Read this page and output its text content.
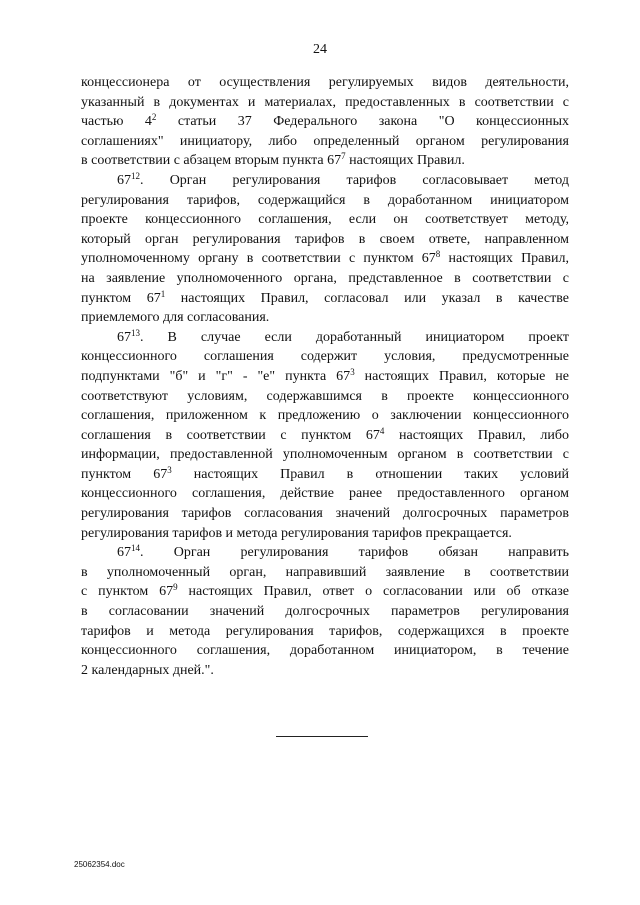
24
концессионера от осуществления регулируемых видов деятельности,
указанный в документах и материалах, предоставленных в соответствии с
частью $4^2$ статьи 37 Федерального закона "О концессионных
соглашениях" инициатору, либо определенный органом регулирования
в соответствии с абзацем вторым пункта $67^7$ настоящих Правил.
$67^{12}$. Орган регулирования тарифов согласовывает метод
регулирования тарифов, содержащийся в доработанном инициатором
проекте концессионного соглашения, если он соответствует методу,
который орган регулирования тарифов в своем ответе, направленном
уполномоченному органу в соответствии с пунктом $67^8$ настоящих Правил,
на заявление уполномоченного органа, представленное в соответствии с
пунктом $67^1$ настоящих Правил, согласовал или указал в качестве
приемлемого для согласования.
$67^{13}$. В случае если доработанный инициатором проект
концессионного соглашения содержит условия, предусмотренные
подпунктами "б" и "г" - "е" пункта $67^3$ настоящих Правил, которые не
соответствуют условиям, содержавшимся в проекте концессионного
соглашения, приложенном к предложению о заключении концессионного
соглашения в соответствии с пунктом $67^4$ настоящих Правил, либо
информации, предоставленной уполномоченным органом в соответствии с
пунктом $67^3$ настоящих Правил в отношении таких условий
концессионного соглашения, действие ранее предоставленного органом
регулирования тарифов согласования значений долгосрочных параметров
регулирования тарифов и метода регулирования тарифов прекращается.
$67^{14}$. Орган регулирования тарифов обязан направить
в уполномоченный орган, направивший заявление в соответствии
с пунктом $67^9$ настоящих Правил, ответ о согласовании или об отказе
в согласовании значений долгосрочных параметров регулирования
тарифов и метода регулирования тарифов, содержащихся в проекте
концессионного соглашения, доработанном инициатором, в течение
2 календарных дней.".
25062354.doc
